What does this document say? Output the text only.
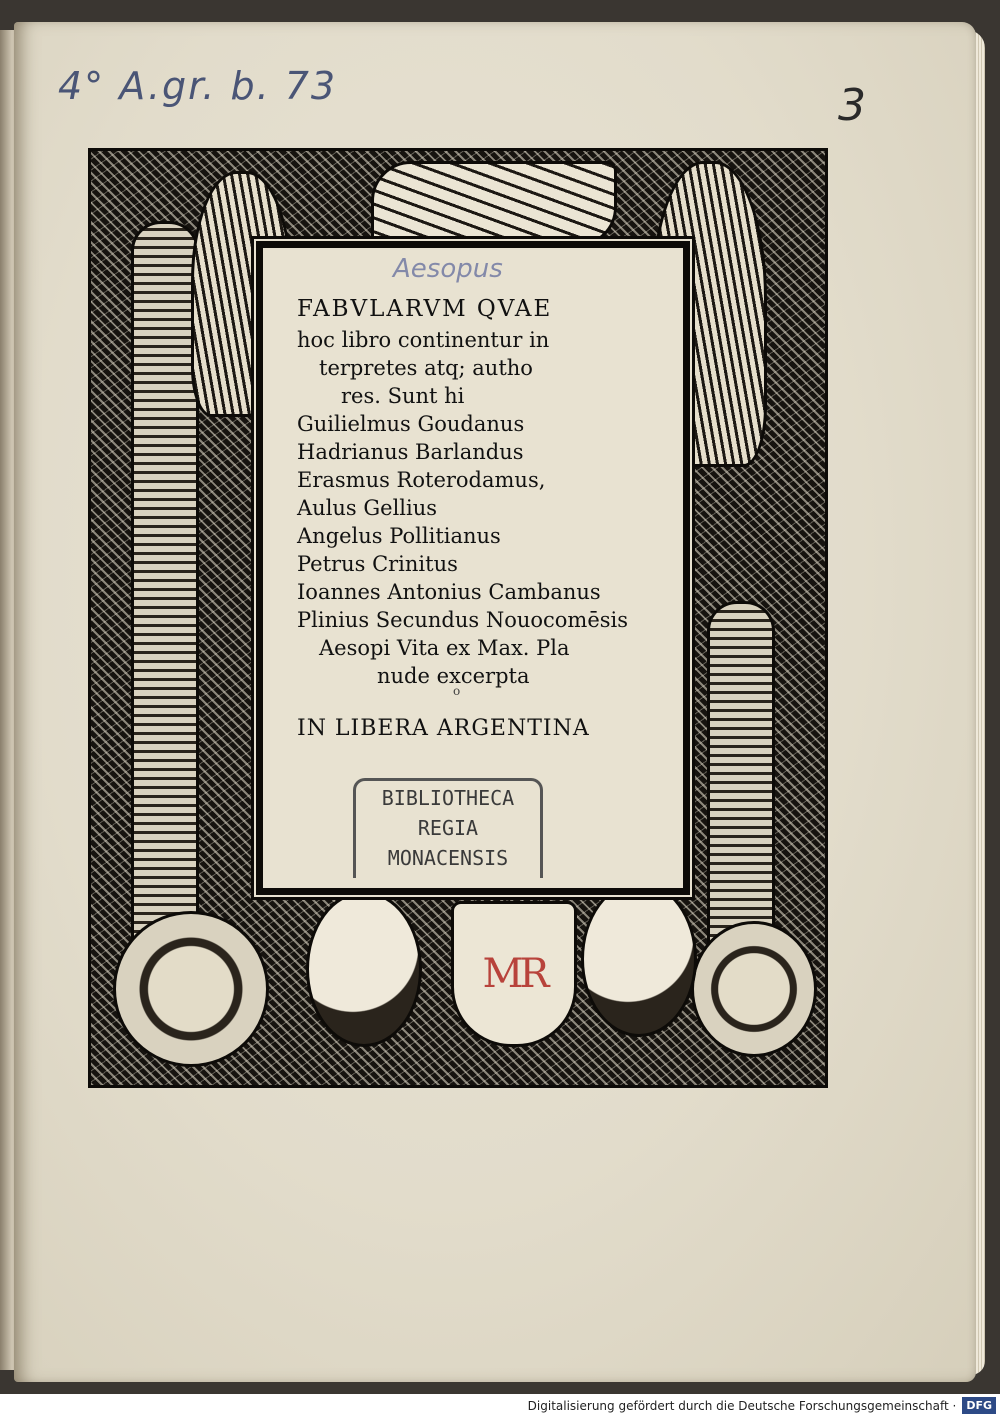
4° A.gr. b. 73	3
MR
Aesopus
FABVLARVM QVAE
hoc libro continentur in
terpretes atq; autho
res. Sunt hi
Guilielmus Goudanus
Hadrianus Barlandus
Erasmus Roterodamus,
Aulus Gellius
Angelus Pollitianus
Petrus Crinitus
Ioannes Antonius Cambanus
Plinius Secundus Nouocomēsis
Aesopi Vita ex Max. Pla
nude excerpta
IN LIBERA ARGENTINA
o
BIBLIOTHECA
REGIA
MONACENSIS
Digitalisierung gefördert durch die Deutsche Forschungsgemeinschaft · DFG
